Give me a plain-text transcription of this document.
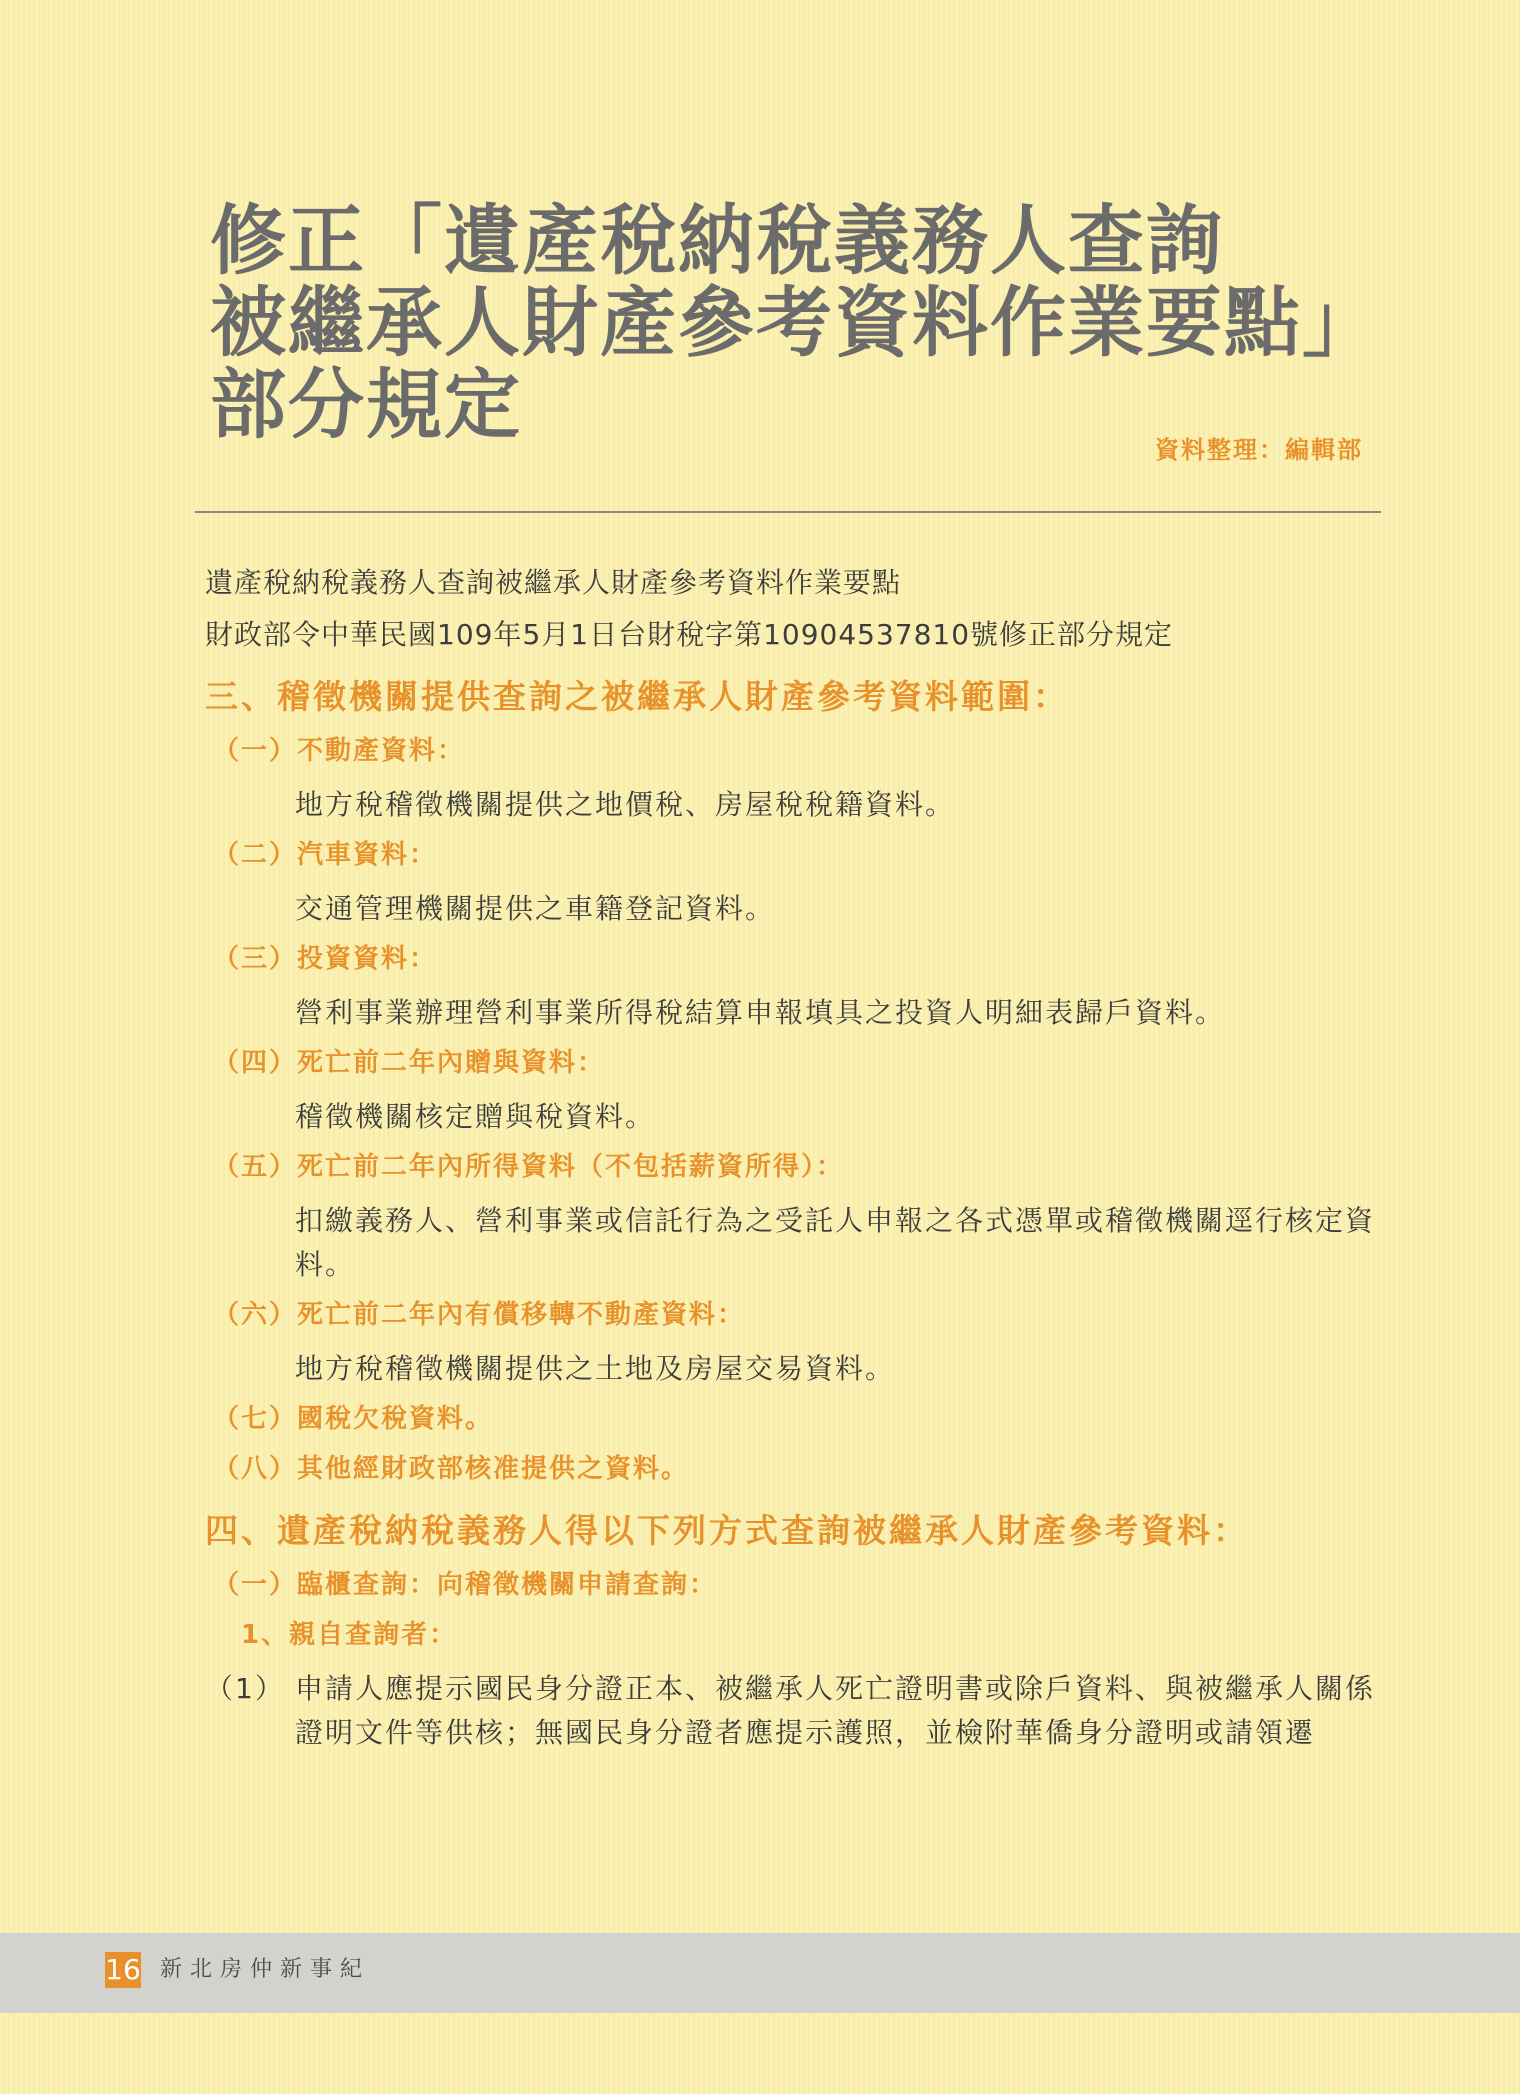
修正「遺產稅納稅義務人查詢
被繼承人財產參考資料作業要點」
部分規定
資料整理：編輯部

遺產稅納稅義務人查詢被繼承人財產參考資料作業要點

財政部令中華民國109年5月1日台財稅字第10904537810號修正部分規定

三、稽徵機關提供查詢之被繼承人財產參考資料範圍：
（一）不動產資料：
地方稅稽徵機關提供之地價稅、房屋稅稅籍資料。
（二）汽車資料：
交通管理機關提供之車籍登記資料。
（三）投資資料：
營利事業辦理營利事業所得稅結算申報填具之投資人明細表歸戶資料。
（四）死亡前二年內贈與資料：
稽徵機關核定贈與稅資料。
（五）死亡前二年內所得資料（不包括薪資所得）：
扣繳義務人、營利事業或信託行為之受託人申報之各式憑單或稽徵機關逕行核定資料。
（六）死亡前二年內有償移轉不動產資料：
地方稅稽徵機關提供之土地及房屋交易資料。
（七）國稅欠稅資料。
（八）其他經財政部核准提供之資料。
四、遺產稅納稅義務人得以下列方式查詢被繼承人財產參考資料：
（一）臨櫃查詢：向稽徵機關申請查詢：
1、親自查詢者：
（1） 申請人應提示國民身分證正本、被繼承人死亡證明書或除戶資料、與被繼承人關係證明文件等供核；無國民身分證者應提示護照，並檢附華僑身分證明或請領遷
16 新北房仲新事紀
